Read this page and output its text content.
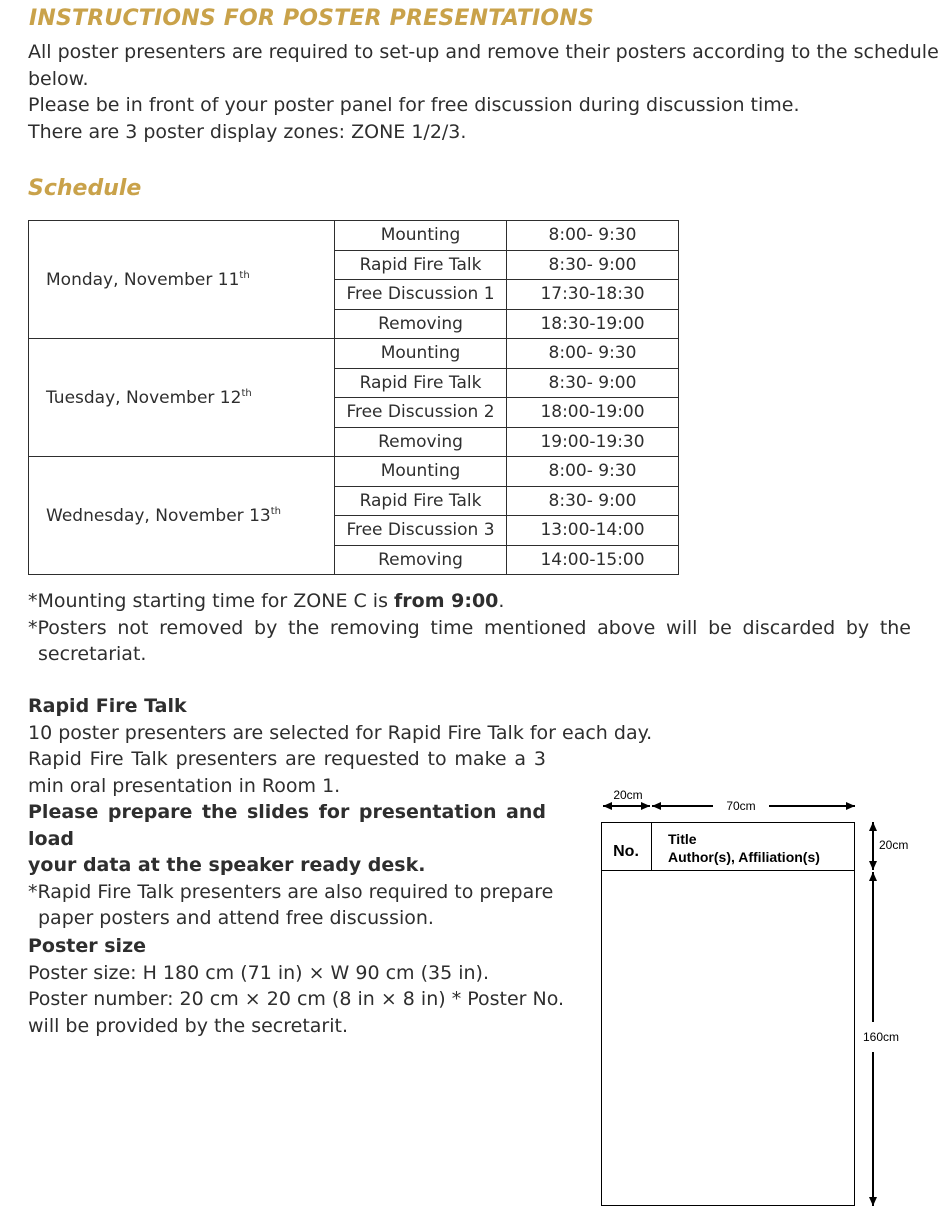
INSTRUCTIONS FOR POSTER PRESENTATIONS
All poster presenters are required to set-up and remove their posters according to the schedule
below.
Please be in front of your poster panel for free discussion during discussion time.
There are 3 poster display zones: ZONE 1/2/3.
Schedule
Monday, November 11th	Mounting	8:00- 9:30
	Rapid Fire Talk	8:30- 9:00
	Free Discussion 1	17:30-18:30
	Removing	18:30-19:00
Tuesday, November 12th	Mounting	8:00- 9:30
	Rapid Fire Talk	8:30- 9:00
	Free Discussion 2	18:00-19:00
	Removing	19:00-19:30
Wednesday, November 13th	Mounting	8:00- 9:30
	Rapid Fire Talk	8:30- 9:00
	Free Discussion 3	13:00-14:00
	Removing	14:00-15:00
*Mounting starting time for ZONE C is from 9:00.
*Posters not removed by the removing time mentioned above will be discarded by the
secretariat.
Rapid Fire Talk
10 poster presenters are selected for Rapid Fire Talk for each day.
Rapid Fire Talk presenters are requested to make a 3
min oral presentation in Room 1.
Please prepare the slides for presentation and load
your data at the speaker ready desk.
*Rapid Fire Talk presenters are also required to prepare
paper posters and attend free discussion.
Poster size
Poster size: H 180 cm (71 in) × W 90 cm (35 in).
Poster number: 20 cm × 20 cm (8 in × 8 in) * Poster No.
will be provided by the secretarit.
20cm
70cm
No.
Title
Author(s), Affiliation(s)
20cm
160cm
